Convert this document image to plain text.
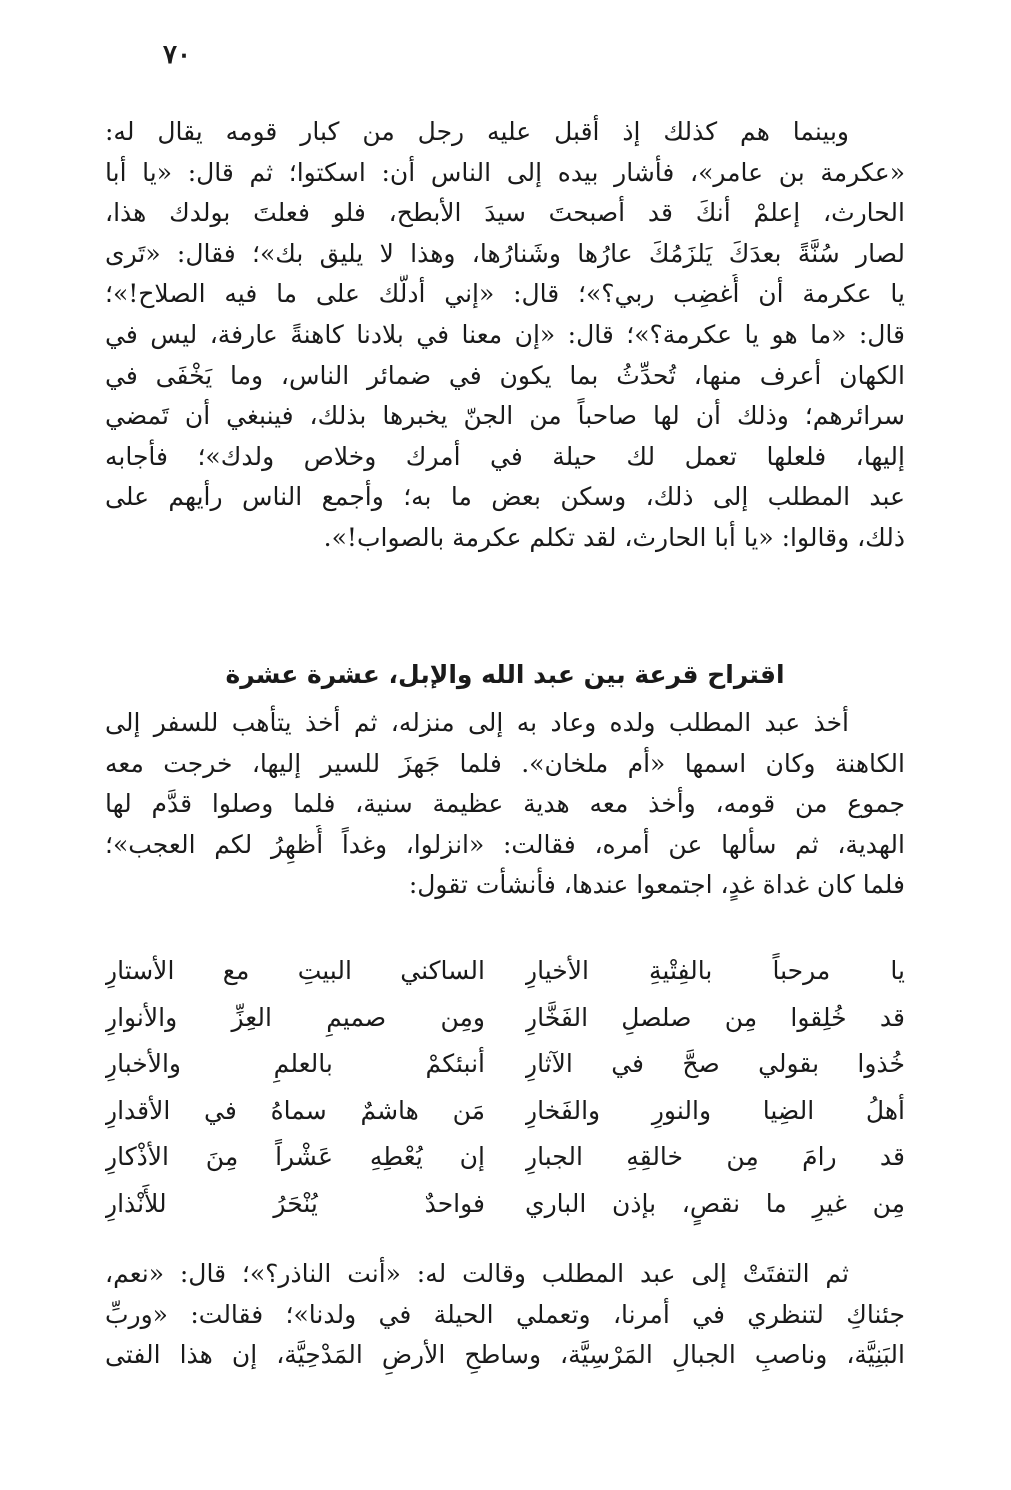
٧٠
وبينما هم كذلك إذ أقبل عليه رجل من كبار قومه يقال له:
«عكرمة بن عامر»، فأشار بيده إلى الناس أن: اسكتوا؛ ثم قال: «يا أبا
الحارث، إعلمْ أنكَ قد أصبحتَ سيدَ الأبطح، فلو فعلتَ بولدك هذا،
لصار سُنَّةً بعدَكَ يَلزَمُكَ عارُها وشَنارُها، وهذا لا يليق بك»؛ فقال: «تَرى
يا عكرمة أن أُغضِب ربي؟»؛ قال: «إني أدلُّك على ما فيه الصلاح!»؛
قال: «ما هو يا عكرمة؟»؛ قال: «إن معنا في بلادنا كاهنةً عارفة، ليس في
الكهان أعرف منها، تُحدِّثُ بما يكون في ضمائر الناس، وما يَخْفَى في
سرائرهم؛ وذلك أن لها صاحباً من الجنّ يخبرها بذلك، فينبغي أن تَمضي
إليها، فلعلها تعمل لك حيلة في أمرك وخلاص ولدك»؛ فأجابه
عبد المطلب إلى ذلك، وسكن بعض ما به؛ وأجمع الناس رأيهم على
ذلك، وقالوا: «يا أبا الحارث، لقد تكلم عكرمة بالصواب!».
اقتراح قرعة بين عبد الله والإبل، عشرة عشرة
أخذ عبد المطلب ولده وعاد به إلى منزله، ثم أخذ يتأهب للسفر إلى
الكاهنة وكان اسمها «أم ملخان». فلما جَهزَ للسير إليها، خرجت معه
جموع من قومه، وأخذ معه هدية عظيمة سنية، فلما وصلوا قدَّم لها
الهدية، ثم سألها عن أمره، فقالت: «انزلوا، وغداً أُظهِرُ لكم العجب»؛
فلما كان غداة غدٍ، اجتمعوا عندها، فأنشأت تقول:
يا مرحباً بالفِتْيةِ الأخيارِ
الساكني البيتِ مع الأستارِ
قد خُلِقوا مِن صلصلِ الفَخَّارِ
ومِن صميمِ العِزِّ والأنوارِ
خُذوا بقولي صحَّ في الآثارِ
أنبئكمْ بالعلمِ والأخبارِ
أهلُ الضِيا والنورِ والفَخارِ
مَن هاشمٌ سماهُ في الأقدارِ
قد رامَ مِن خالقِهِ الجبارِ
إن يُعْطِهِ عَشْراً مِنَ الأذْكارِ
مِن غيرِ ما نقصٍ، بإذن الباري
فواحدٌ يُنْحَرُ للأَنْذارِ
ثم التفتَتْ إلى عبد المطلب وقالت له: «أنت الناذر؟»؛ قال: «نعم،
جئناكِ لتنظري في أمرنا، وتعملي الحيلة في ولدنا»؛ فقالت: «وربِّ
البَنِيَّة، وناصبِ الجبالِ المَرْسِيَّة، وساطحِ الأرضِ المَدْحِيَّة، إن هذا الفتى
